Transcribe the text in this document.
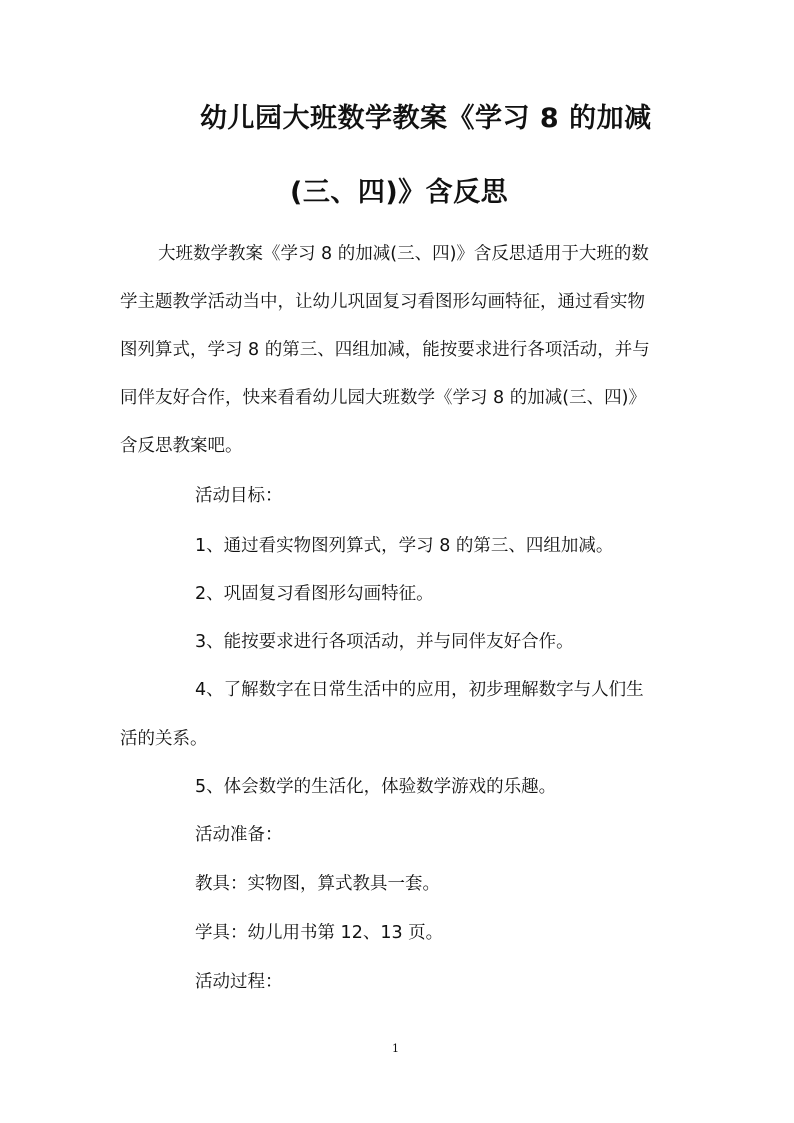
幼儿园大班数学教案《学习 8 的加减
(三、四)》含反思
大班数学教案《学习 8 的加减(三、四)》含反思适用于大班的数
学主题教学活动当中，让幼儿巩固复习看图形勾画特征，通过看实物
图列算式，学习 8 的第三、四组加减，能按要求进行各项活动，并与
同伴友好合作，快来看看幼儿园大班数学《学习 8 的加减(三、四)》
含反思教案吧。
活动目标：
1、通过看实物图列算式，学习 8 的第三、四组加减。
2、巩固复习看图形勾画特征。
3、能按要求进行各项活动，并与同伴友好合作。
4、了解数字在日常生活中的应用，初步理解数字与人们生
活的关系。
5、体会数学的生活化，体验数学游戏的乐趣。
活动准备：
教具：实物图，算式教具一套。
学具：幼儿用书第 12、13 页。
活动过程：
1
